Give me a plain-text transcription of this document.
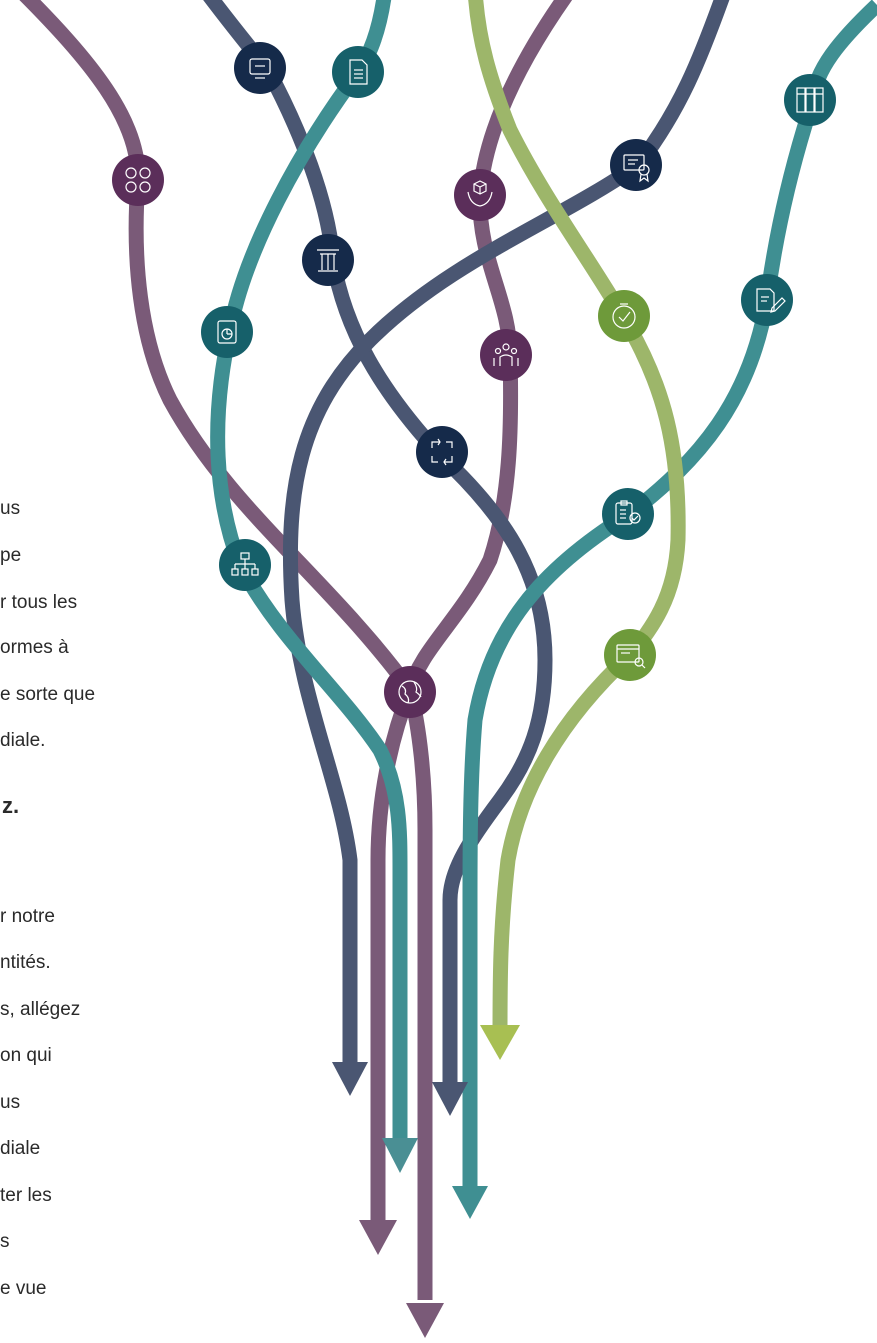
us
pe
r tous les
ormes à
e sorte que
diale.
z.
r notre
ntités.
s, allégez
on qui
us
diale
ter les
s
e vue
